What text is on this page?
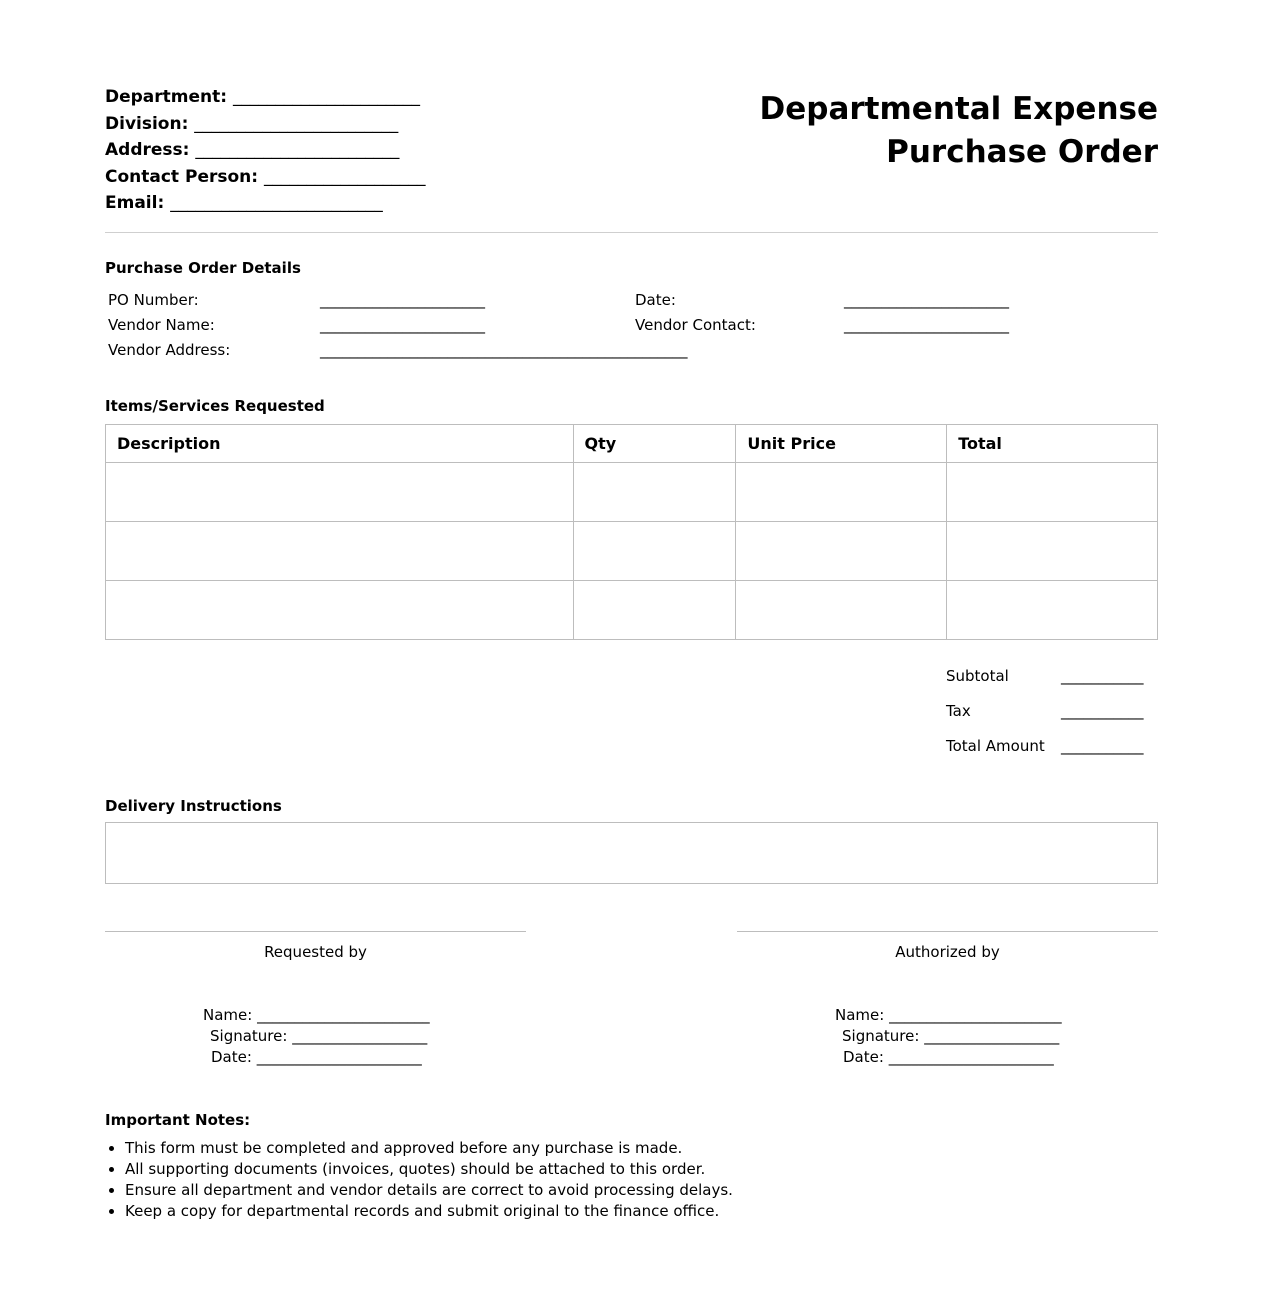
Department: ______________________
Division: ________________________
Address: ________________________
Contact Person: ___________________
Email: _________________________
Departmental Expense
Purchase Order
Purchase Order Details
PO Number:	______________________	Date:	______________________
Vendor Name:	______________________	Vendor Contact:	______________________
Vendor Address:	_________________________________________________
Items/Services Requested
Description	Qty	Unit Price	Total

Subtotal	___________
Tax	___________
Total Amount ___________
Delivery Instructions
Requested by
Name: _______________________
Signature: __________________
Date: ______________________
Authorized by
Name: _______________________
Signature: __________________
Date: ______________________
Important Notes:
• This form must be completed and approved before any purchase is made.
• All supporting documents (invoices, quotes) should be attached to this order.
• Ensure all department and vendor details are correct to avoid processing delays.
• Keep a copy for departmental records and submit original to the finance office.
